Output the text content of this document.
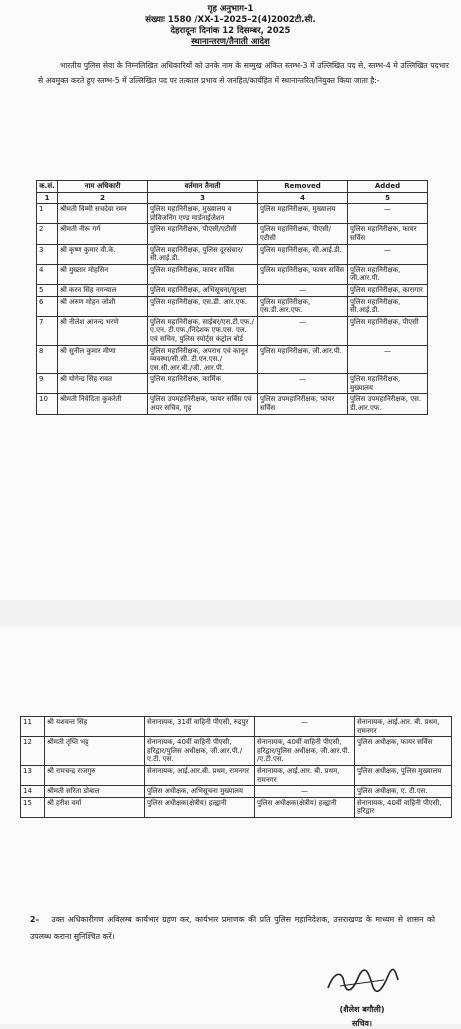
गृह अनुभाग-1
संख्याः 1580 /XX-1–2025–2(4)2002टी.सी.
देहरादूनः दिनांक 12 दिसम्बर, 2025
स्थानान्तरण/तैनाती आदेश
भारतीय पुलिस सेवा के निम्नलिखित अधिकारियों को उनके नाम के सम्मुख अंकित स्तम्भ-3 में उल्लिखित पद से, स्तम्भ-4 मे उल्लिखित पदभार से अवमुक्त करते हुए स्तम्भ-5 में उल्लिखित पद पर तत्काल प्रभाव से जनहित/कार्यहित में स्थानान्तरित/नियुक्त किया जाता है:-
क.सं.	नाम अधिकारी	वर्तमान तैनाती	Removed	Added
1	2	3	4	5
1	श्रीमती विम्मी सचदेवा रमन	पुलिस महानिरीक्षक, मुख्यालय व प्रोविजनिंग एण्ड मार्डनाईजेशन	पुलिस महानिरीक्षक, मुख्यालय	—
2	श्रीमती नीरू गर्ग	पुलिस महानिरीक्षक, पीएसी/एटीसी	पुलिस महानिरीक्षक, पीएसी/एटीसी	पुलिस महानिरीक्षक, फायर सर्विस
3	श्री कृष्ण कुमार वी.के.	पुलिस महानिरीक्षक, पुलिस दूरसंचार/सी.आई.डी.	पुलिस महानिरीक्षक, सी.आई.डी.	—
4	श्री मुख्तार मोहसिन	पुलिस महानिरीक्षक, फायर सर्विस	पुलिस महानिरीक्षक, फायर सर्विस	पुलिस महानिरीक्षक, जी.आर.पी.
5	श्री करन सिंह नगन्याल	पुलिस महानिरीक्षक, अभिसूचना/सुरक्षा	—	पुलिस महानिरीक्षक, कारागार
6	श्री अरुण मोहन जोशी	पुलिस महानिरीक्षक, एस.डी. आर.एफ.	पुलिस महानिरीक्षक, एस.डी.आर.एफ.	पुलिस महानिरीक्षक, सी.आई.डी.
7	श्री नीलेश आनन्द भरणे	पुलिस महानिरीक्षक, साईबर/एस.टी.एफ./ए.एन. टी.एफ./निदेशक एफ.एस. एल. एवं सचिव, पुलिस स्पोर्ट्स कंट्रोल बोर्ड	—	पुलिस महानिरीक्षक, पीएसी
8	श्री सुनील कुमार मीणा	पुलिस महानिरीक्षक, अपराध एवं कानून व्यवस्था/सी.सी. टी.एन.एस./एस.सी.आर.बी./जी. आर.पी.	पुलिस महानिरीक्षक, जी.आर.पी.	—
9	श्री योगेन्द्र सिंह रावत	पुलिस महानिरीक्षक, कार्मिक	—	पुलिस महानिरीक्षक, मुख्यालय
10	श्रीमती निवेदिता कुकरेती	पुलिस उपमहानिरीक्षक, फायर सर्विस एवं अपर सचिव, गृह	पुलिस उपमहानिरीक्षक, फायर सर्विस	पुलिस उपमहानिरीक्षक, एस. डी.आर.एफ.
11	श्री यशवन्त सिंह	सेनानायक, 31वीं वाहिनी पीएसी, रुद्रपुर	—	सेनानायक, आई.आर. बी. प्रथम, रामनगर
12	श्रीमती तृप्ति भट्ट	सेनानायक, 40वीं वाहिनी पीएसी, हरिद्वार/पुलिस अधीक्षक, जी.आर.पी./ए.टी. एस.	सेनानायक, 40वीं वाहिनी पीएसी, हरिद्वार/पुलिस अधीक्षक, जी.आर.पी. /ए.टी.एस.	पुलिस अधीक्षक, फायर सर्विस
13	श्री रामचन्द्र राजगुरु	सेनानायक, आई.आर.बी. प्रथम, रामनगर	सेनानायक, आई.आर. बी. प्रथम, रामनगर	पुलिस अधीक्षक, पुलिस मुख्यालय
14	श्रीमती सरिता डोबाल	पुलिस अधीक्षक, अभिसूचना मुख्यालय	—	पुलिस अधीक्षक, ए. टी.एस.
15	श्री हरीश वर्मा	पुलिस अधीक्षक(क्षेत्रीय) हल्द्वानी	पुलिस अधीक्षक(क्षेत्रीय) हल्द्वानी	सेनानायक, 40वीं वाहिनी पीएसी, हरिद्वार
2– उक्त अधिकारीगण अविलम्ब कार्यभार ग्रहण कर, कार्यभार प्रमाणक की प्रति पुलिस महानिदेशक, उत्तराखण्ड के माध्यम से शासन को उपलब्ध कराना सुनिश्चित करें।
(शैलेश बगौली)
सचिव।
